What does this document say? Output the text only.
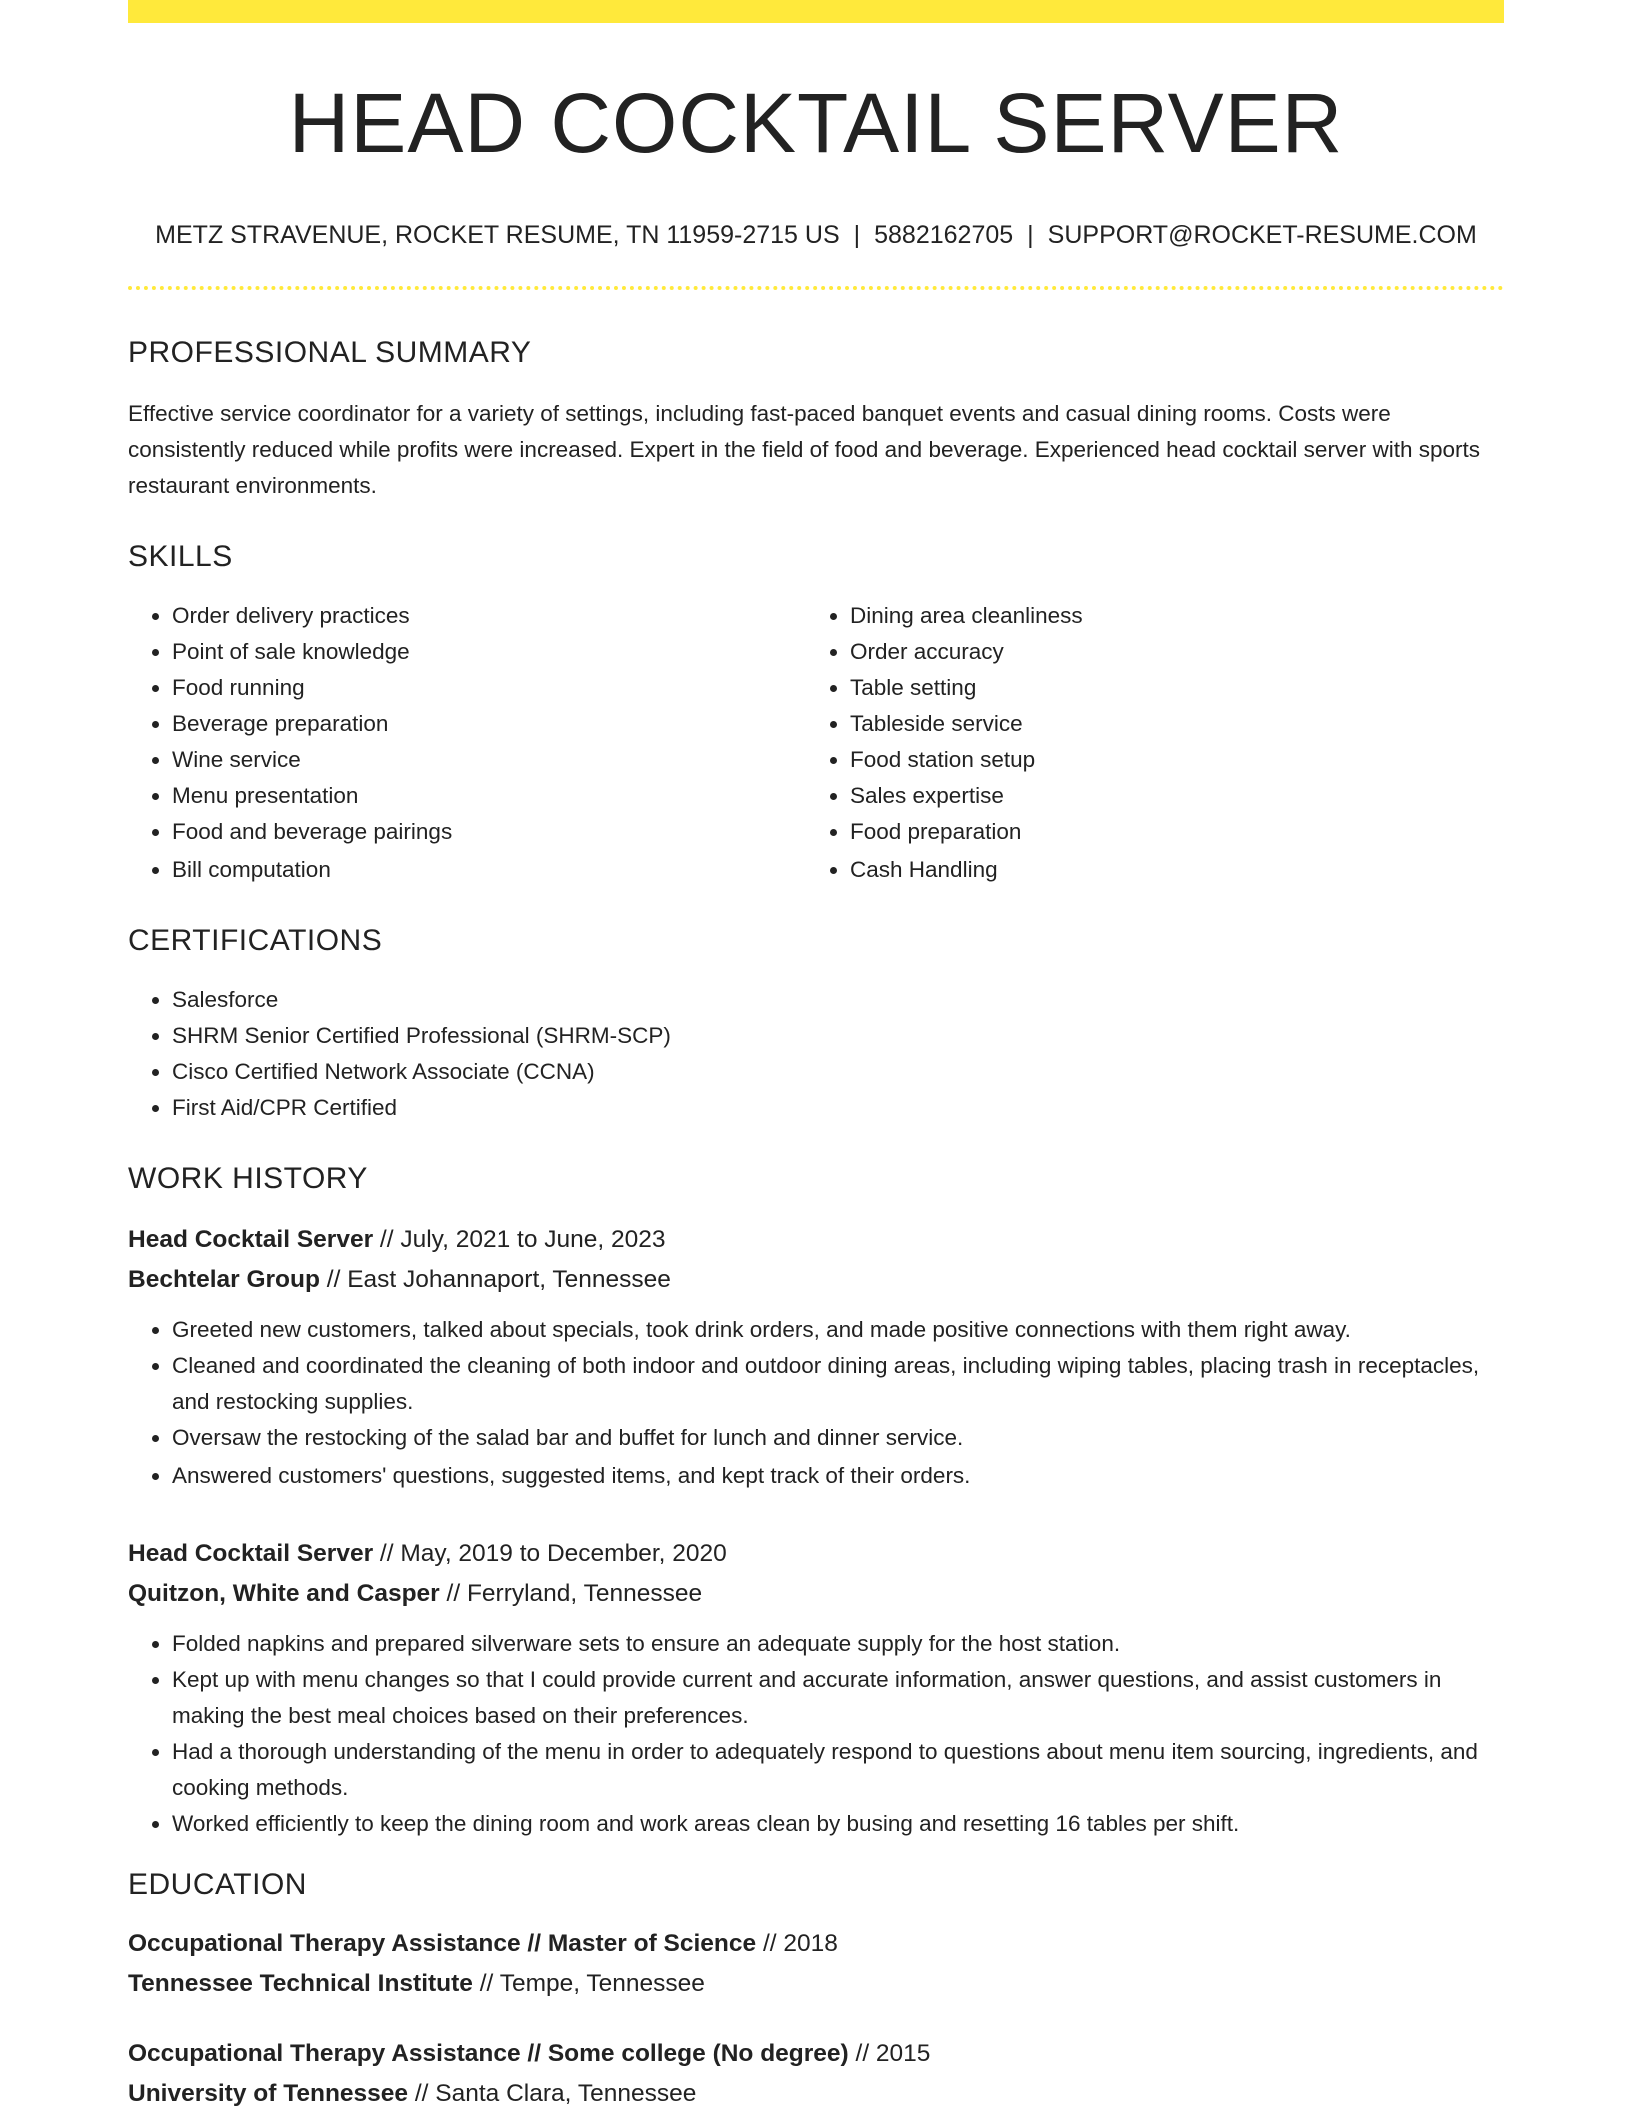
HEAD COCKTAIL SERVER
METZ STRAVENUE, ROCKET RESUME, TN 11959-2715 US | 5882162705 | SUPPORT@ROCKET-RESUME.COM
PROFESSIONAL SUMMARY

Effective service coordinator for a variety of settings, including fast-paced banquet events and casual dining rooms. Costs were consistently reduced while profits were increased. Expert in the field of food and beverage. Experienced head cocktail server with sports restaurant environments.

SKILLS
• Order delivery practices
• Point of sale knowledge
• Food running
• Beverage preparation
• Wine service
• Menu presentation
• Food and beverage pairings
• Bill computation
• Dining area cleanliness
• Order accuracy
• Table setting
• Tableside service
• Food station setup
• Sales expertise
• Food preparation
• Cash Handling
CERTIFICATIONS
• Salesforce
• SHRM Senior Certified Professional (SHRM-SCP)
• Cisco Certified Network Associate (CCNA)
• First Aid/CPR Certified
WORK HISTORY
Head Cocktail Server // July, 2021 to June, 2023
Bechtelar Group // East Johannaport, Tennessee
• Greeted new customers, talked about specials, took drink orders, and made positive connections with them right away.
• Cleaned and coordinated the cleaning of both indoor and outdoor dining areas, including wiping tables, placing trash in receptacles, and restocking supplies.
• Oversaw the restocking of the salad bar and buffet for lunch and dinner service.
• Answered customers' questions, suggested items, and kept track of their orders.
Head Cocktail Server // May, 2019 to December, 2020
Quitzon, White and Casper // Ferryland, Tennessee
• Folded napkins and prepared silverware sets to ensure an adequate supply for the host station.
• Kept up with menu changes so that I could provide current and accurate information, answer questions, and assist customers in making the best meal choices based on their preferences.
• Had a thorough understanding of the menu in order to adequately respond to questions about menu item sourcing, ingredients, and cooking methods.
• Worked efficiently to keep the dining room and work areas clean by busing and resetting 16 tables per shift.
EDUCATION
Occupational Therapy Assistance // Master of Science // 2018
Tennessee Technical Institute // Tempe, Tennessee
Occupational Therapy Assistance // Some college (No degree) // 2015
University of Tennessee // Santa Clara, Tennessee
